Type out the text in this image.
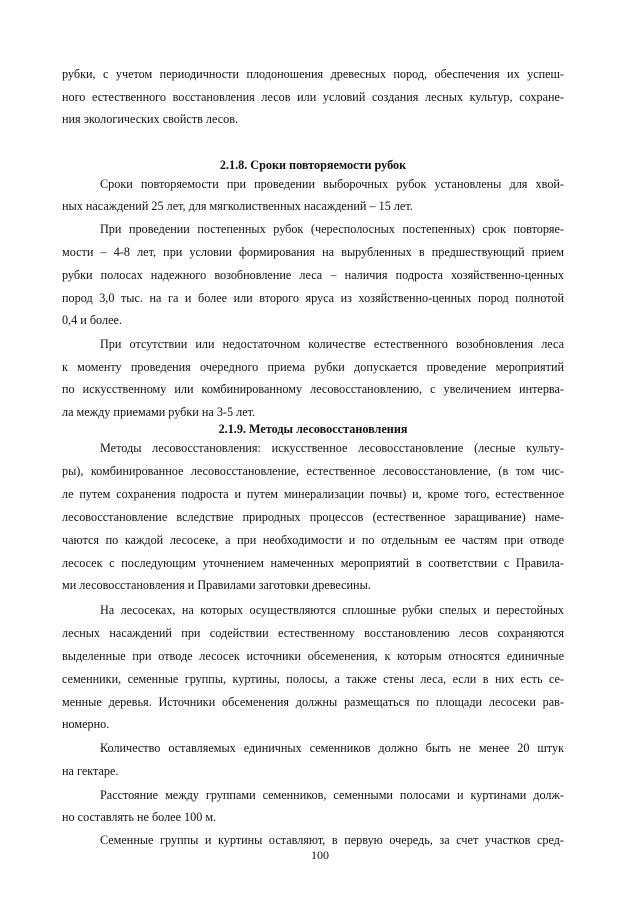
рубки, с учетом периодичности плодоношения древесных пород, обеспечения их успеш-
ного естественного восстановления лесов или условий создания лесных культур, сохране-
ния экологических свойств лесов.
2.1.8. Сроки повторяемости рубок
Сроки повторяемости при проведении выборочных рубок установлены для хвой-
ных насаждений 25 лет, для мягколиственных насаждений – 15 лет.
При проведении постепенных рубок (чересполосных постепенных) срок повторяе-
мости – 4-8 лет, при условии формирования на вырубленных в предшествующий прием
рубки полосах надежного возобновление леса – наличия подроста хозяйственно-ценных
пород 3,0 тыс. на га и более или второго яруса из хозяйственно-ценных пород полнотой
0,4 и более.
При отсутствии или недостаточном количестве естественного возобновления леса
к моменту проведения очередного приема рубки допускается проведение мероприятий
по искусственному или комбинированному лесовосстановлению, с увеличением интерва-
ла между приемами рубки на 3-5 лет.
2.1.9. Методы лесовосстановления
Методы лесовосстановления: искусственное лесовосстановление (лесные культу-
ры), комбинированное лесовосстановление, естественное лесовосстановление, (в том чис-
ле путем сохранения подроста и путем минерализации почвы) и, кроме того, естественное
лесовосстановление вследствие природных процессов (естественное заращивание) наме-
чаются по каждой лесосеке, а при необходимости и по отдельным ее частям при отводе
лесосек с последующим уточнением намеченных мероприятий в соответствии с Правила-
ми лесовосстановления и Правилами заготовки древесины.
На лесосеках, на которых осуществляются сплошные рубки спелых и перестойных
лесных насаждений при содействии естественному восстановлению лесов сохраняются
выделенные при отводе лесосек источники обсеменения, к которым относятся единичные
семенники, семенные группы, куртины, полосы, а также стены леса, если в них есть се-
менные деревья. Источники обсеменения должны размещаться по площади лесосеки рав-
номерно.
Количество оставляемых единичных семенников должно быть не менее 20 штук
на гектаре.
Расстояние между группами семенников, семенными полосами и куртинами долж-
но составлять не более 100 м.
Семенные группы и куртины оставляют, в первую очередь, за счет участков сред-
100
